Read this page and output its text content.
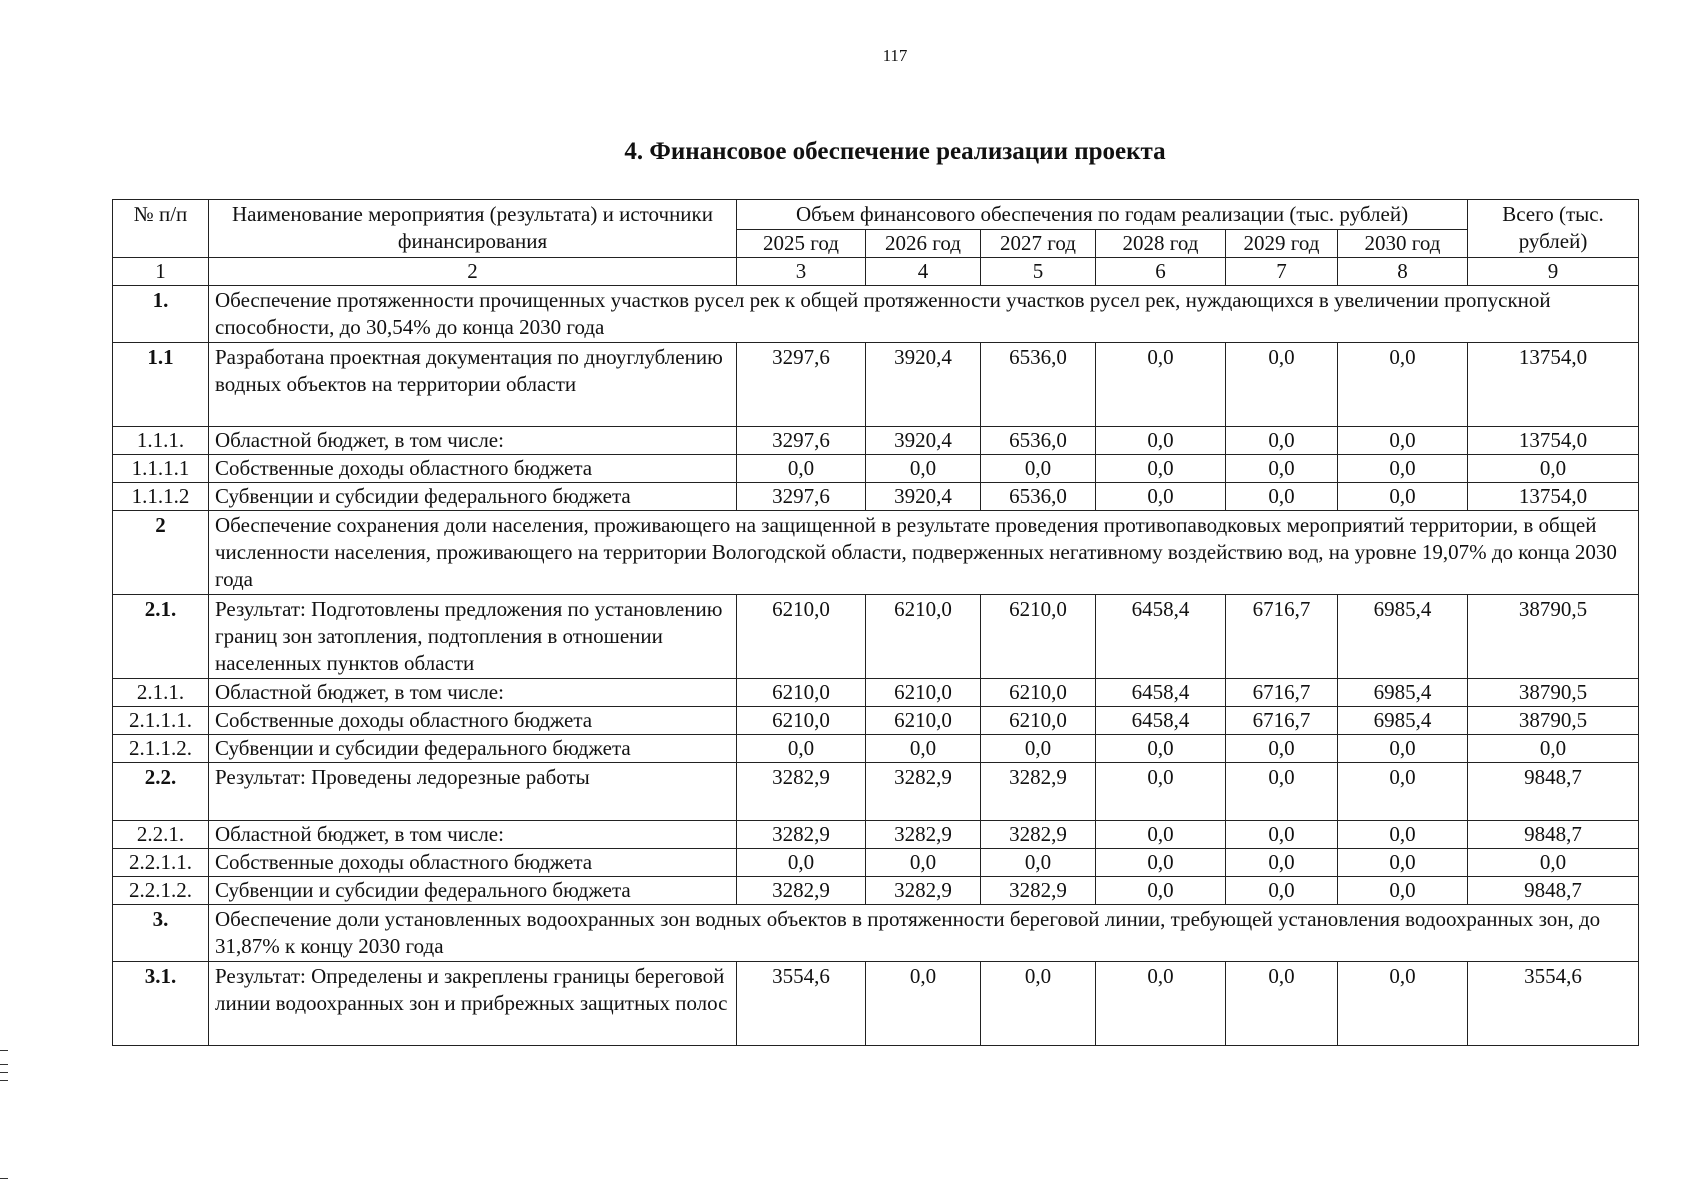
117
4. Финансовое обеспечение реализации проекта
№ п/п	Наименование мероприятия (результата) и источники финансирования	Объем финансового обеспечения по годам реализации (тыс. рублей)						Всего (тыс. рублей)
		2025 год	2026 год	2027 год	2028 год	2029 год	2030 год	
1	2	3	4	5	6	7	8	9
1.	Обеспечение протяженности прочищенных участков русел рек к общей протяженности участков русел рек, нуждающихся в увеличении пропускной способности, до 30,54% до конца 2030 года							
1.1	Разработана проектная документация по дноуглублению водных объектов на территории области	3297,6	3920,4	6536,0	0,0	0,0	0,0	13754,0
1.1.1.	Областной бюджет, в том числе:	3297,6	3920,4	6536,0	0,0	0,0	0,0	13754,0
1.1.1.1	Собственные доходы областного бюджета	0,0	0,0	0,0	0,0	0,0	0,0	0,0
1.1.1.2	Субвенции и субсидии федерального бюджета	3297,6	3920,4	6536,0	0,0	0,0	0,0	13754,0
2	Обеспечение сохранения доли населения, проживающего на защищенной в результате проведения противопаводковых мероприятий территории, в общей численности населения, проживающего на территории Вологодской области, подверженных негативному воздействию вод, на уровне 19,07% до конца 2030 года							
2.1.	Результат: Подготовлены предложения по установлению границ зон затопления, подтопления в отношении населенных пунктов области	6210,0	6210,0	6210,0	6458,4	6716,7	6985,4	38790,5
2.1.1.	Областной бюджет, в том числе:	6210,0	6210,0	6210,0	6458,4	6716,7	6985,4	38790,5
2.1.1.1.	Собственные доходы областного бюджета	6210,0	6210,0	6210,0	6458,4	6716,7	6985,4	38790,5
2.1.1.2.	Субвенции и субсидии федерального бюджета	0,0	0,0	0,0	0,0	0,0	0,0	0,0
2.2.	Результат: Проведены ледорезные работы	3282,9	3282,9	3282,9	0,0	0,0	0,0	9848,7
2.2.1.	Областной бюджет, в том числе:	3282,9	3282,9	3282,9	0,0	0,0	0,0	9848,7
2.2.1.1.	Собственные доходы областного бюджета	0,0	0,0	0,0	0,0	0,0	0,0	0,0
2.2.1.2.	Субвенции и субсидии федерального бюджета	3282,9	3282,9	3282,9	0,0	0,0	0,0	9848,7
3.	Обеспечение доли установленных водоохранных зон водных объектов в протяженности береговой линии, требующей установления водоохранных зон, до 31,87% к концу 2030 года							
3.1.	Результат: Определены и закреплены границы береговой линии водоохранных зон и прибрежных защитных полос	3554,6	0,0	0,0	0,0	0,0	0,0	3554,6
